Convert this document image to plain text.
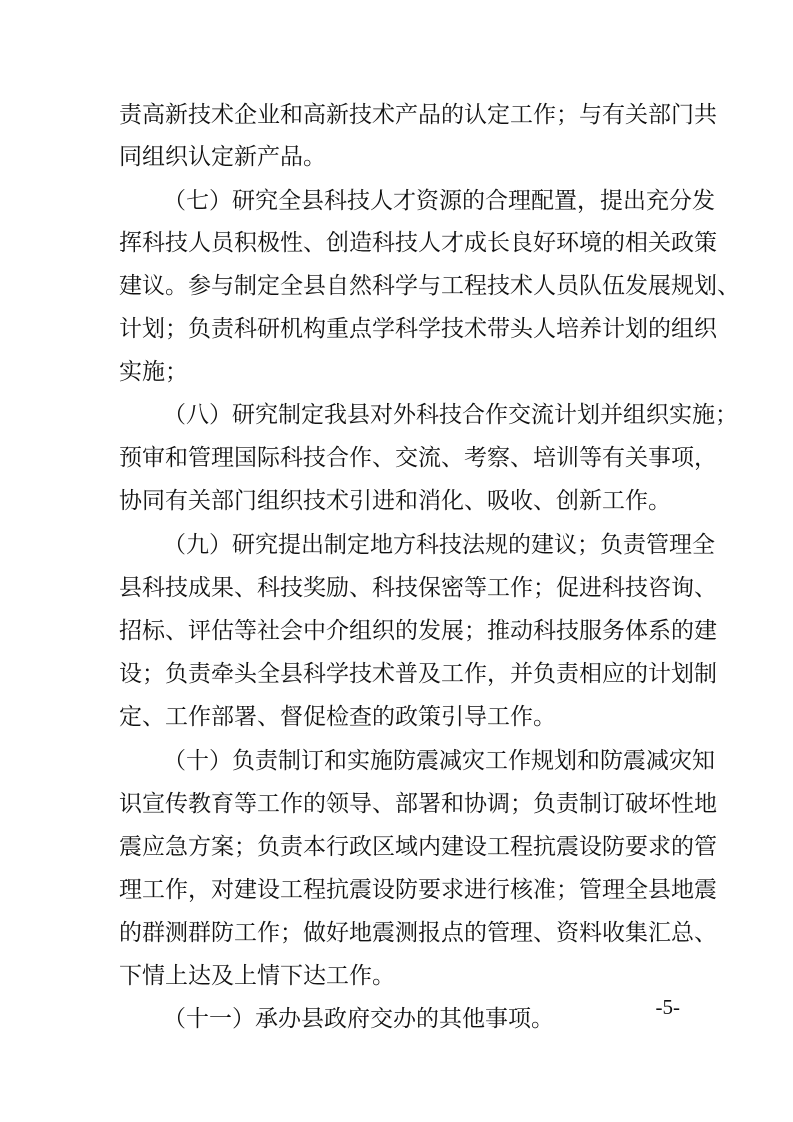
责高新技术企业和高新技术产品的认定工作；与有关部门共
同组织认定新产品。
（七）研究全县科技人才资源的合理配置，提出充分发
挥科技人员积极性、创造科技人才成长良好环境的相关政策
建议。参与制定全县自然科学与工程技术人员队伍发展规划、
计划；负责科研机构重点学科学技术带头人培养计划的组织
实施；
（八）研究制定我县对外科技合作交流计划并组织实施；
预审和管理国际科技合作、交流、考察、培训等有关事项，
协同有关部门组织技术引进和消化、吸收、创新工作。
（九）研究提出制定地方科技法规的建议；负责管理全
县科技成果、科技奖励、科技保密等工作；促进科技咨询、
招标、评估等社会中介组织的发展；推动科技服务体系的建
设；负责牵头全县科学技术普及工作，并负责相应的计划制
定、工作部署、督促检查的政策引导工作。
（十）负责制订和实施防震减灾工作规划和防震减灾知
识宣传教育等工作的领导、部署和协调；负责制订破坏性地
震应急方案；负责本行政区域内建设工程抗震设防要求的管
理工作，对建设工程抗震设防要求进行核准；管理全县地震
的群测群防工作；做好地震测报点的管理、资料收集汇总、
下情上达及上情下达工作。
（十一）承办县政府交办的其他事项。	-5-
